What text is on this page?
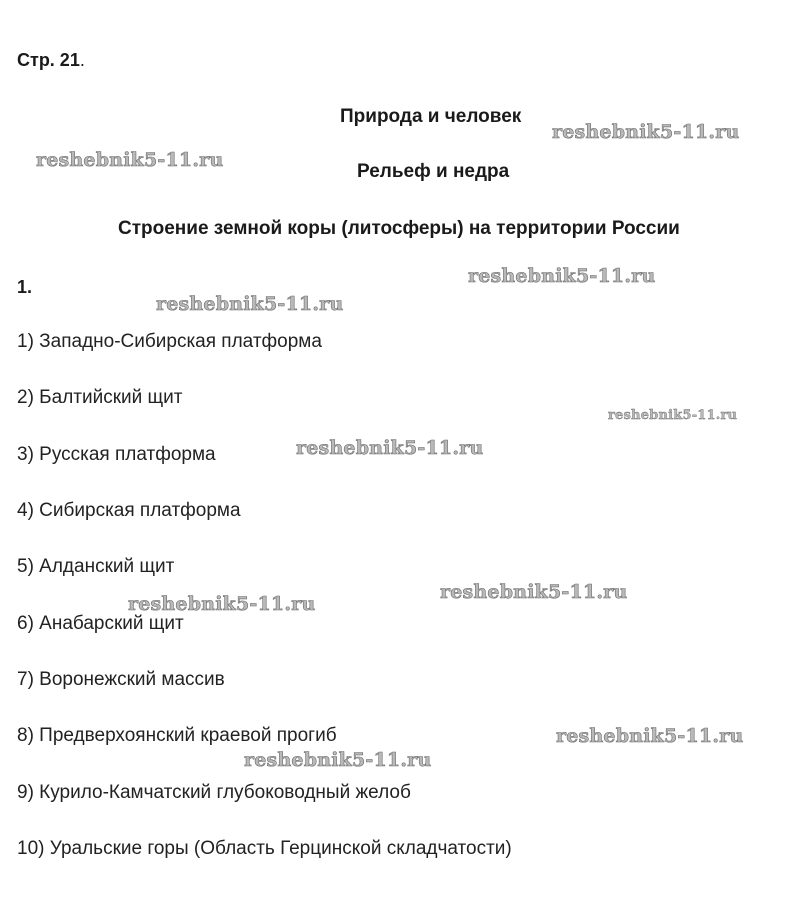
Стр. 21.
Природа и человек
Рельеф и недра
Строение земной коры (литосферы) на территории России
1.
1) Западно-Сибирская платформа
2) Балтийский щит
3) Русская платформа
4) Сибирская платформа
5) Алданский щит
6) Анабарский щит
7) Воронежский массив
8) Предверхоянский краевой прогиб
9) Курило-Камчатский глубоководный желоб
10) Уральские горы (Область Герцинской складчатости)
reshebnik5-11.ru
reshebnik5-11.ru
reshebnik5-11.ru
reshebnik5-11.ru
reshebnik5-11.ru
reshebnik5-11.ru
reshebnik5-11.ru
reshebnik5-11.ru
reshebnik5-11.ru
reshebnik5-11.ru
